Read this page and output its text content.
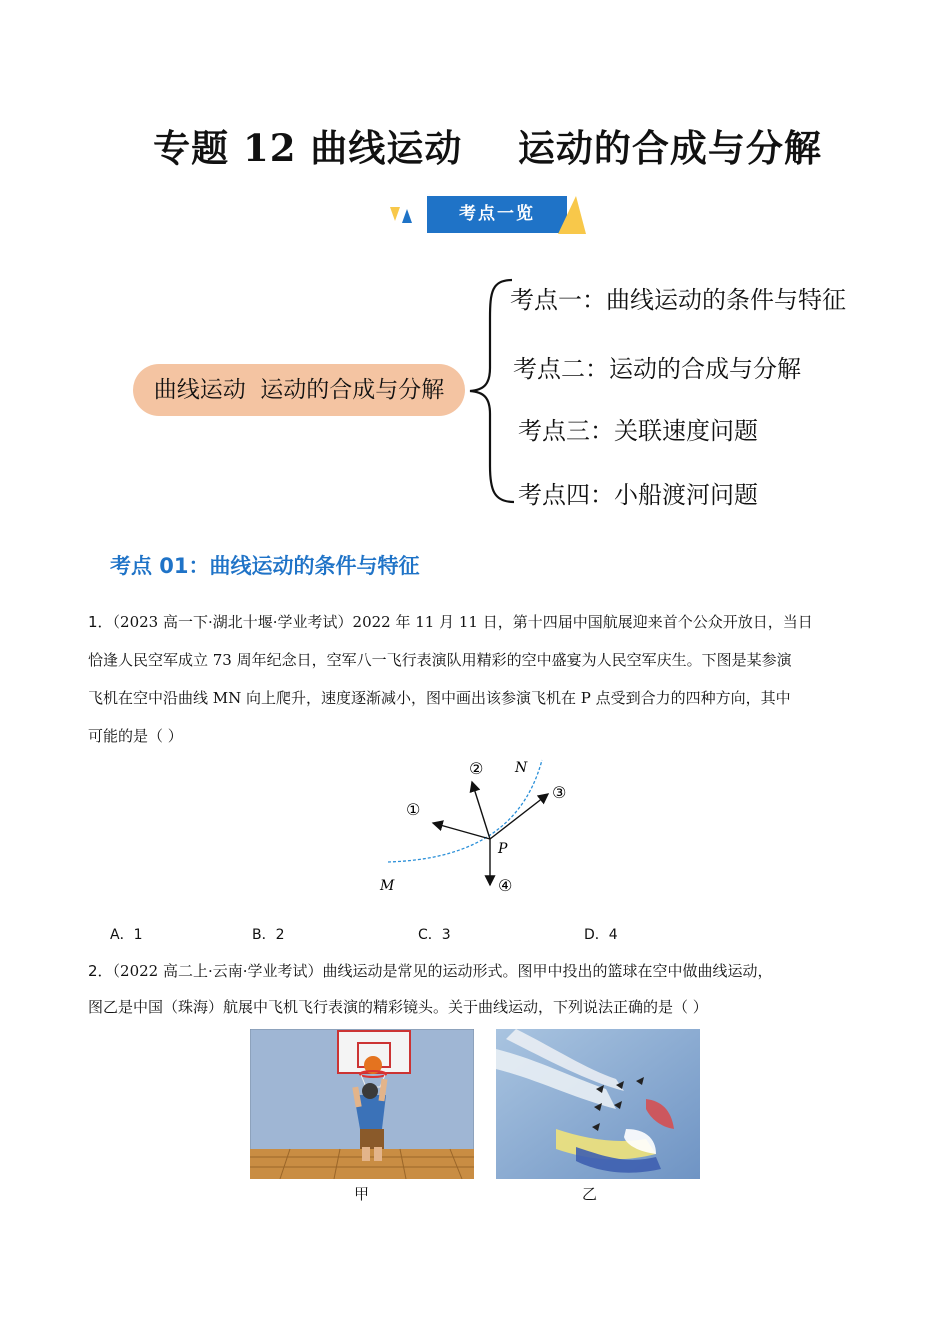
专题 12 曲线运动    运动的合成与分解
考点一览
曲线运动  运动的合成与分解
考点一：曲线运动的条件与特征
考点二：运动的合成与分解
考点三：关联速度问题
考点四：小船渡河问题
考点 01：曲线运动的条件与特征
1．（2023 高一下·湖北十堰·学业考试）2022 年 11 月 11 日，第十四届中国航展迎来首个公众开放日，当日
恰逢人民空军成立 73 周年纪念日，空军八一飞行表演队用精彩的空中盛宴为人民空军庆生。下图是某参演
飞机在空中沿曲线 MN 向上爬升，速度逐渐减小，图中画出该参演飞机在 P 点受到合力的四种方向，其中
可能的是（ ）
①
②
③
④
N
M
P
A．1	B．2	C．3	D．4
2．（2022 高二上·云南·学业考试）曲线运动是常见的运动形式。图甲中投出的篮球在空中做曲线运动，
图乙是中国（珠海）航展中飞机飞行表演的精彩镜头。关于曲线运动，下列说法正确的是（ ）
甲	乙
